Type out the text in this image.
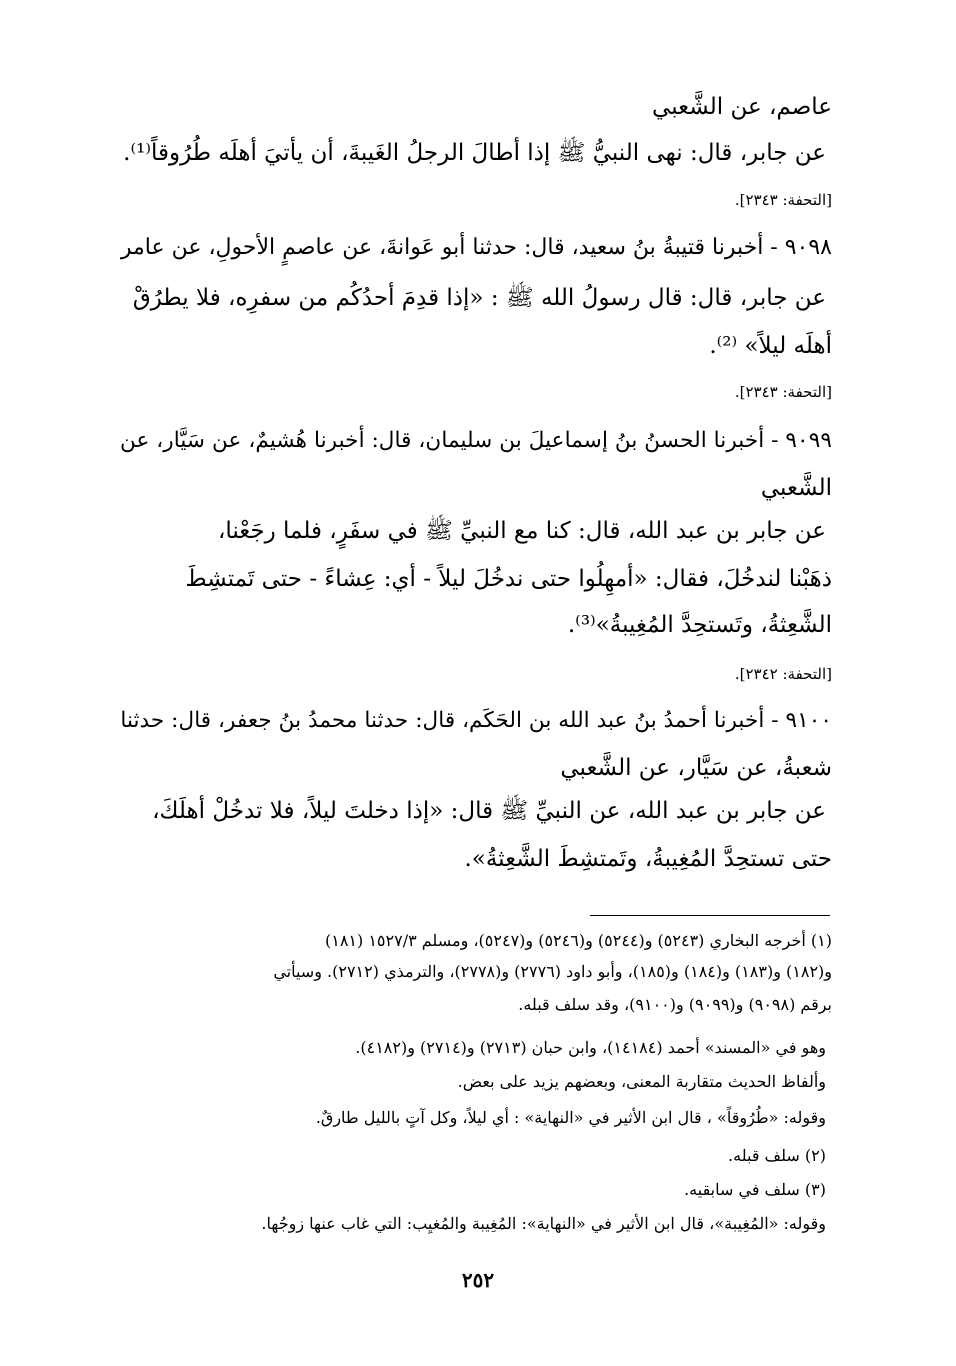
عاصم، عن الشَّعبي
عن جابر، قال: نهى النبيُّ ﷺ إذا أطالَ الرجلُ الغَيبةَ، أن يأتيَ أهلَه طُرُوقاً⁽¹⁾.
[التحفة: ٢٣٤٣].
٩٠٩٨ - أخبرنا قتيبةُ بنُ سعيد، قال: حدثنا أبو عَوانةَ، عن عاصمٍ الأحولِ، عن عامر
عن جابر، قال: قال رسولُ الله ﷺ : «إذا قدِمَ أحدُكُم من سفرِه، فلا يطرُقْ
أهلَه ليلاً» ⁽²⁾.
[التحفة: ٢٣٤٣].
٩٠٩٩ - أخبرنا الحسنُ بنُ إسماعيلَ بن سليمان، قال: أخبرنا هُشيمٌ، عن سَيَّار، عن
الشَّعبي
عن جابر بن عبد الله، قال: كنا مع النبيِّ ﷺ في سفَرٍ، فلما رجَعْنا،
ذهَبْنا لندخُلَ، فقال: «أمهِلُوا حتى ندخُلَ ليلاً - أي: عِشاءً - حتى تَمتشِطَ
الشَّعِثةُ، وتَستحِدَّ المُغِيبةُ»⁽³⁾.
[التحفة: ٢٣٤٢].
٩١٠٠ - أخبرنا أحمدُ بنُ عبد الله بن الحَكَم، قال: حدثنا محمدُ بنُ جعفر، قال: حدثنا
شعبةُ، عن سَيَّار، عن الشَّعبي
عن جابر بن عبد الله، عن النبيِّ ﷺ قال: «إذا دخلتَ ليلاً، فلا تدخُلْ أهلَكَ،
حتى تستحِدَّ المُغِيبةُ، وتَمتشِطَ الشَّعِثةُ».
(١) أخرجه البخاري (٥٢٤٣) و(٥٢٤٤) و(٥٢٤٦) و(٥٢٤٧)، ومسلم ١٥٢٧/٣ (١٨١)
و(١٨٢) و(١٨٣) و(١٨٤) و(١٨٥)، وأبو داود (٢٧٧٦) و(٢٧٧٨)، والترمذي (٢٧١٢). وسيأتي
برقم (٩٠٩٨) و(٩٠٩٩) و(٩١٠٠)، وقد سلف قبله.
وهو في «المسند» أحمد (١٤١٨٤)، وابن حبان (٢٧١٣) و(٢٧١٤) و(٤١٨٢).
وألفاظ الحديث متقاربة المعنى، وبعضهم يزيد على بعض.
وقوله: «طُرُوقاً» ، قال ابن الأثير في «النهاية» : أي ليلاً، وكل آتٍ بالليل طارقٌ.
(٢) سلف قبله.
(٣) سلف في سابقيه.
وقوله: «المُغِيبة»، قال ابن الأثير في «النهاية»: المُغِيبة والمُغيِب: التي غاب عنها زوجُها.
٢٥٢
